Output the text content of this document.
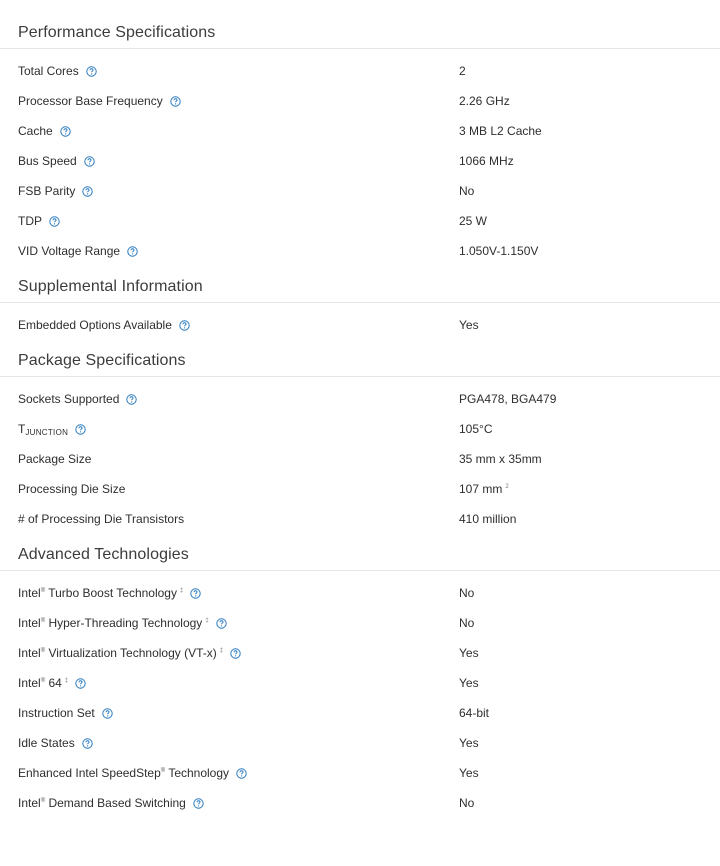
Performance Specifications
Total Cores	2
Processor Base Frequency	2.26 GHz
Cache	3 MB L2 Cache
Bus Speed	1066 MHz
FSB Parity	No
TDP	25 W
VID Voltage Range	1.050V-1.150V
Supplemental Information
Embedded Options Available	Yes
Package Specifications
Sockets Supported	PGA478, BGA479
$T_{JUNCTION}$	105°C
Package Size	35 mm x 35mm
Processing Die Size	107 mm $^2$
# of Processing Die Transistors	410 million
Advanced Technologies
Intel® Turbo Boost Technology ‡	No
Intel® Hyper-Threading Technology ‡	No
Intel® Virtualization Technology (VT-x) ‡	Yes
Intel® 64 ‡	Yes
Instruction Set	64-bit
Idle States	Yes
Enhanced Intel SpeedStep® Technology	Yes
Intel® Demand Based Switching	No
